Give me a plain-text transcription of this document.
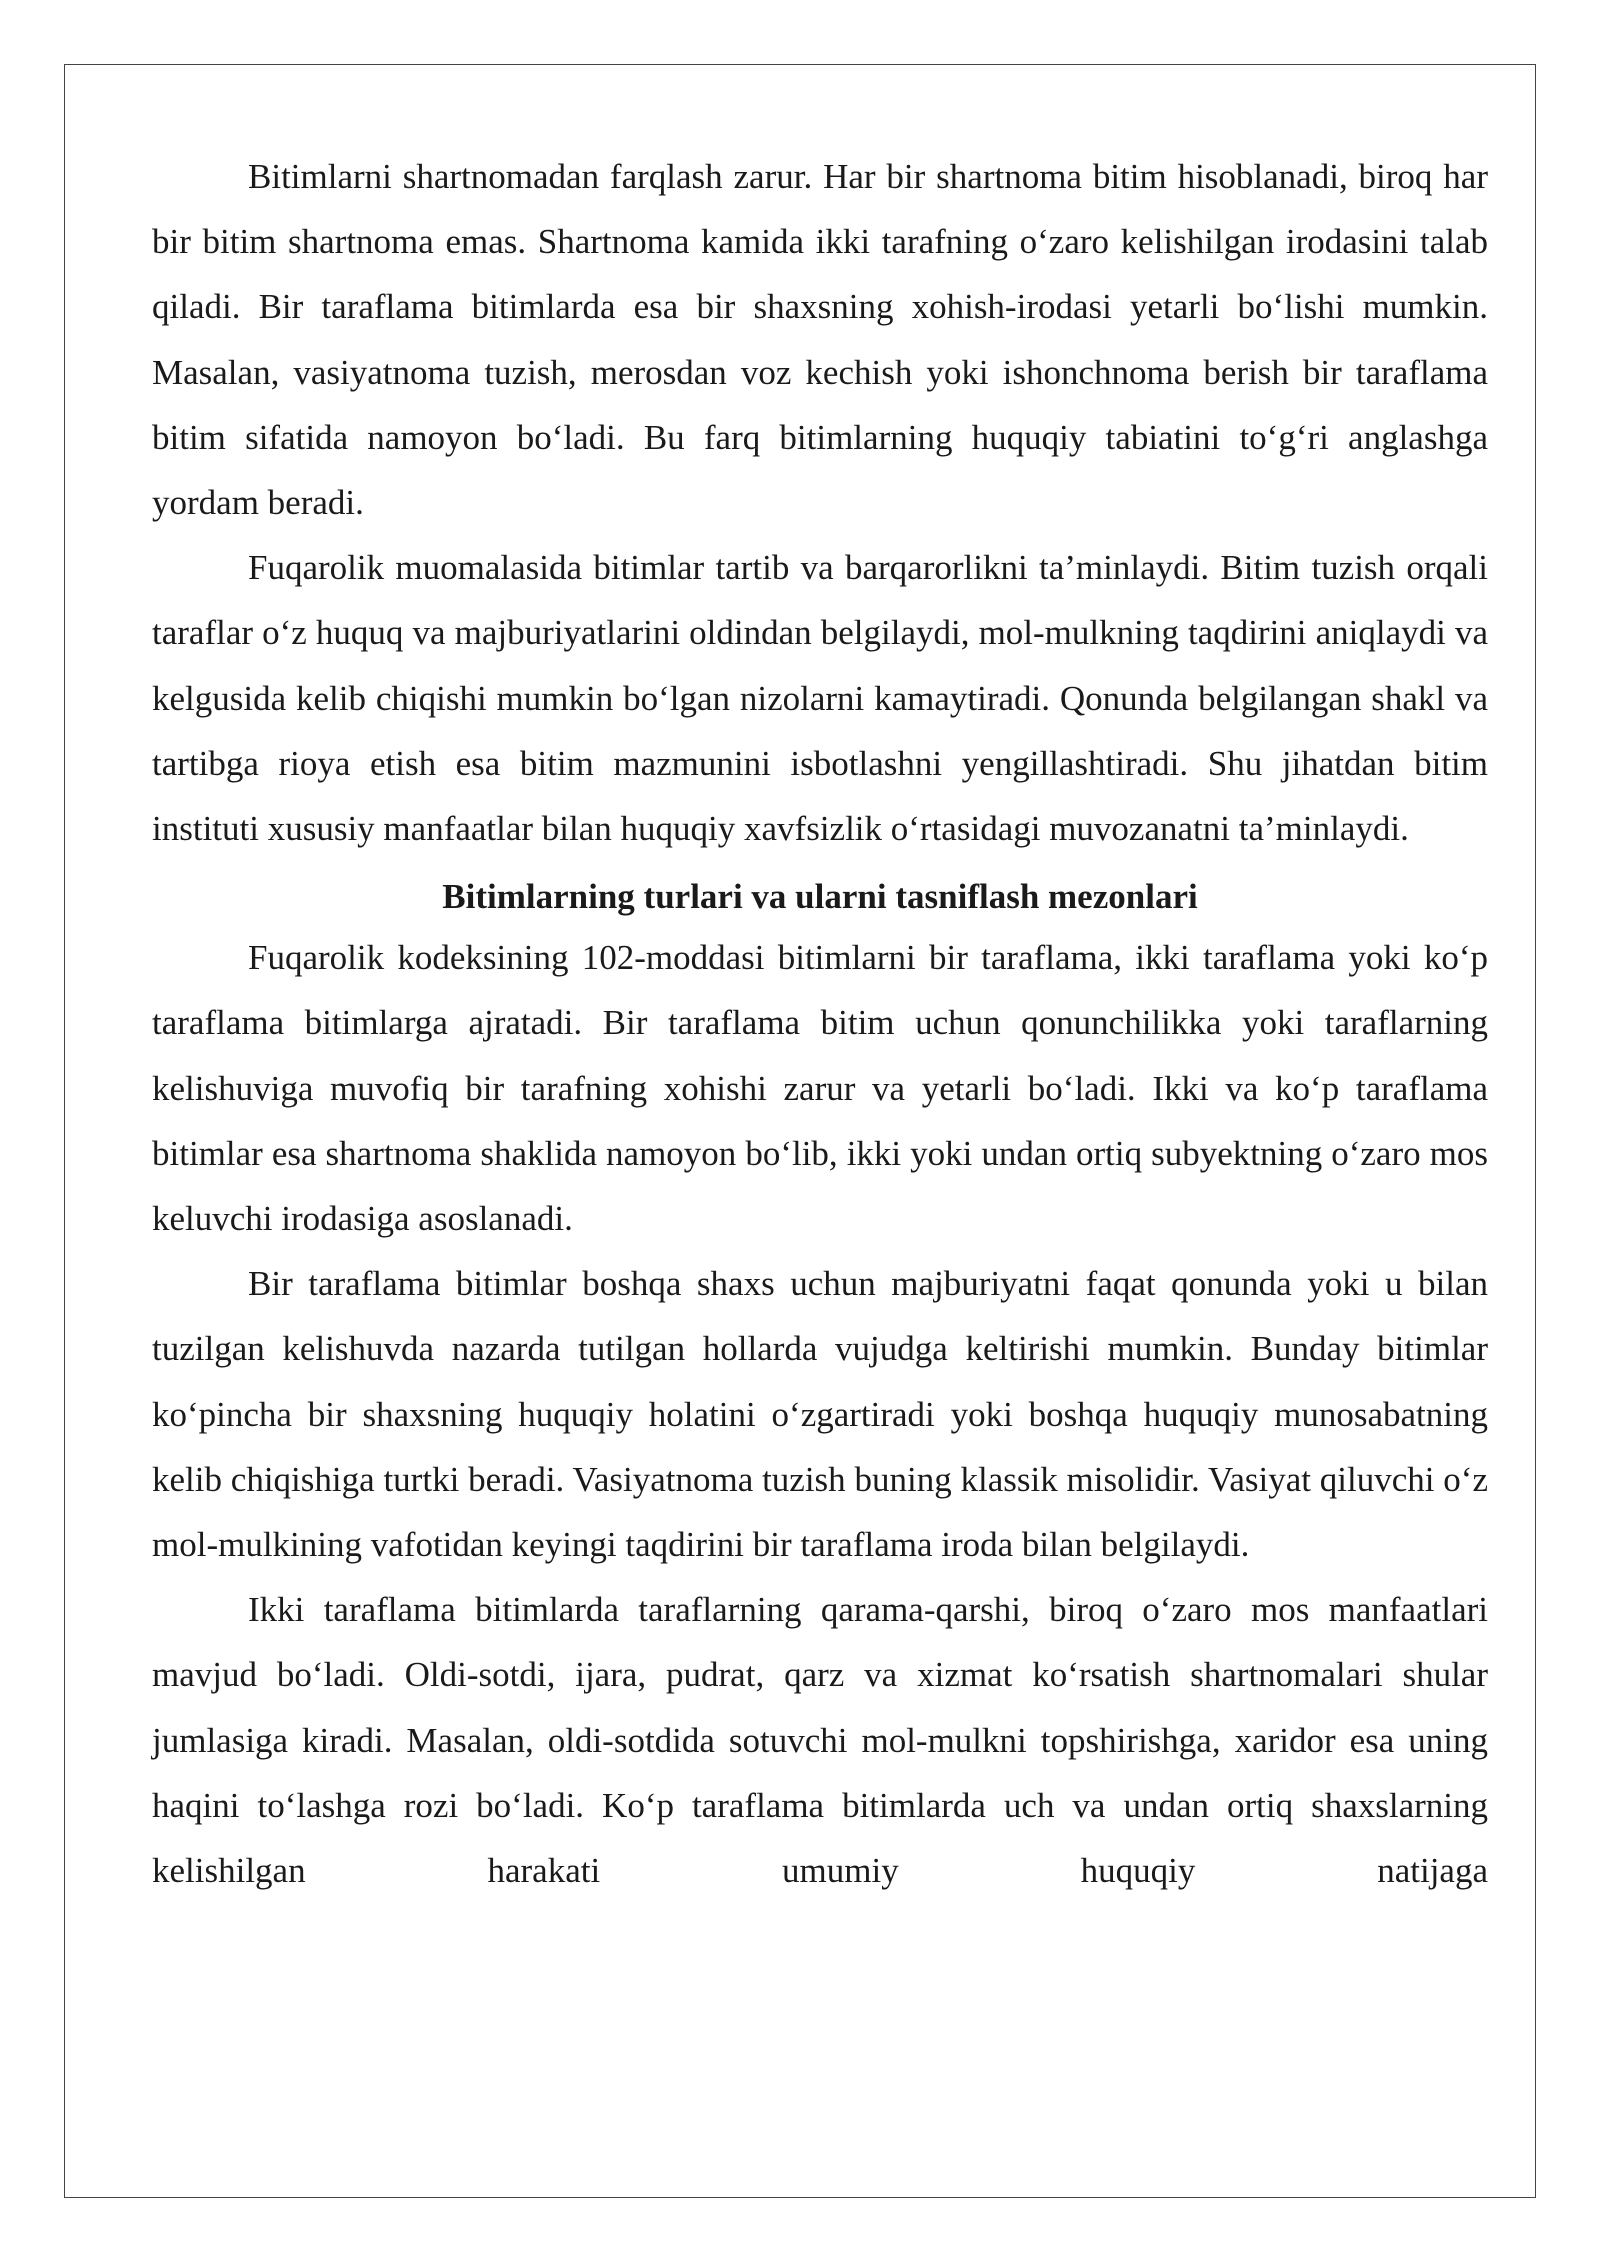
Bitimlarni shartnomadan farqlash zarur. Har bir shartnoma bitim hisoblanadi, biroq har bir bitim shartnoma emas. Shartnoma kamida ikki tarafning o‘zaro kelishilgan irodasini talab qiladi. Bir taraflama bitimlarda esa bir shaxsning xohish-irodasi yetarli bo‘lishi mumkin. Masalan, vasiyatnoma tuzish, merosdan voz kechish yoki ishonchnoma berish bir taraflama bitim sifatida namoyon bo‘ladi. Bu farq bitimlarning huquqiy tabiatini to‘g‘ri anglashga yordam beradi.

Fuqarolik muomalasida bitimlar tartib va barqarorlikni ta’minlaydi. Bitim tuzish orqali taraflar o‘z huquq va majburiyatlarini oldindan belgilaydi, mol-mulkning taqdirini aniqlaydi va kelgusida kelib chiqishi mumkin bo‘lgan nizolarni kamaytiradi. Qonunda belgilangan shakl va tartibga rioya etish esa bitim mazmunini isbotlashni yengillashtiradi. Shu jihatdan bitim instituti xususiy manfaatlar bilan huquqiy xavfsizlik o‘rtasidagi muvozanatni ta’minlaydi.

Bitimlarning turlari va ularni tasniflash mezonlari

Fuqarolik kodeksining 102-moddasi bitimlarni bir taraflama, ikki taraflama yoki ko‘p taraflama bitimlarga ajratadi. Bir taraflama bitim uchun qonunchilikka yoki taraflarning kelishuviga muvofiq bir tarafning xohishi zarur va yetarli bo‘ladi. Ikki va ko‘p taraflama bitimlar esa shartnoma shaklida namoyon bo‘lib, ikki yoki undan ortiq subyektning o‘zaro mos keluvchi irodasiga asoslanadi.

Bir taraflama bitimlar boshqa shaxs uchun majburiyatni faqat qonunda yoki u bilan tuzilgan kelishuvda nazarda tutilgan hollarda vujudga keltirishi mumkin. Bunday bitimlar ko‘pincha bir shaxsning huquqiy holatini o‘zgartiradi yoki boshqa huquqiy munosabatning kelib chiqishiga turtki beradi. Vasiyatnoma tuzish buning klassik misolidir. Vasiyat qiluvchi o‘z mol-mulkining vafotidan keyingi taqdirini bir taraflama iroda bilan belgilaydi.

Ikki taraflama bitimlarda taraflarning qarama-qarshi, biroq o‘zaro mos manfaatlari mavjud bo‘ladi. Oldi-sotdi, ijara, pudrat, qarz va xizmat ko‘rsatish shartnomalari shular jumlasiga kiradi. Masalan, oldi-sotdida sotuvchi mol-mulkni topshirishga, xaridor esa uning haqini to‘lashga rozi bo‘ladi. Ko‘p taraflama bitimlarda uch va undan ortiq shaxslarning kelishilgan harakati umumiy huquqiy natijaga
